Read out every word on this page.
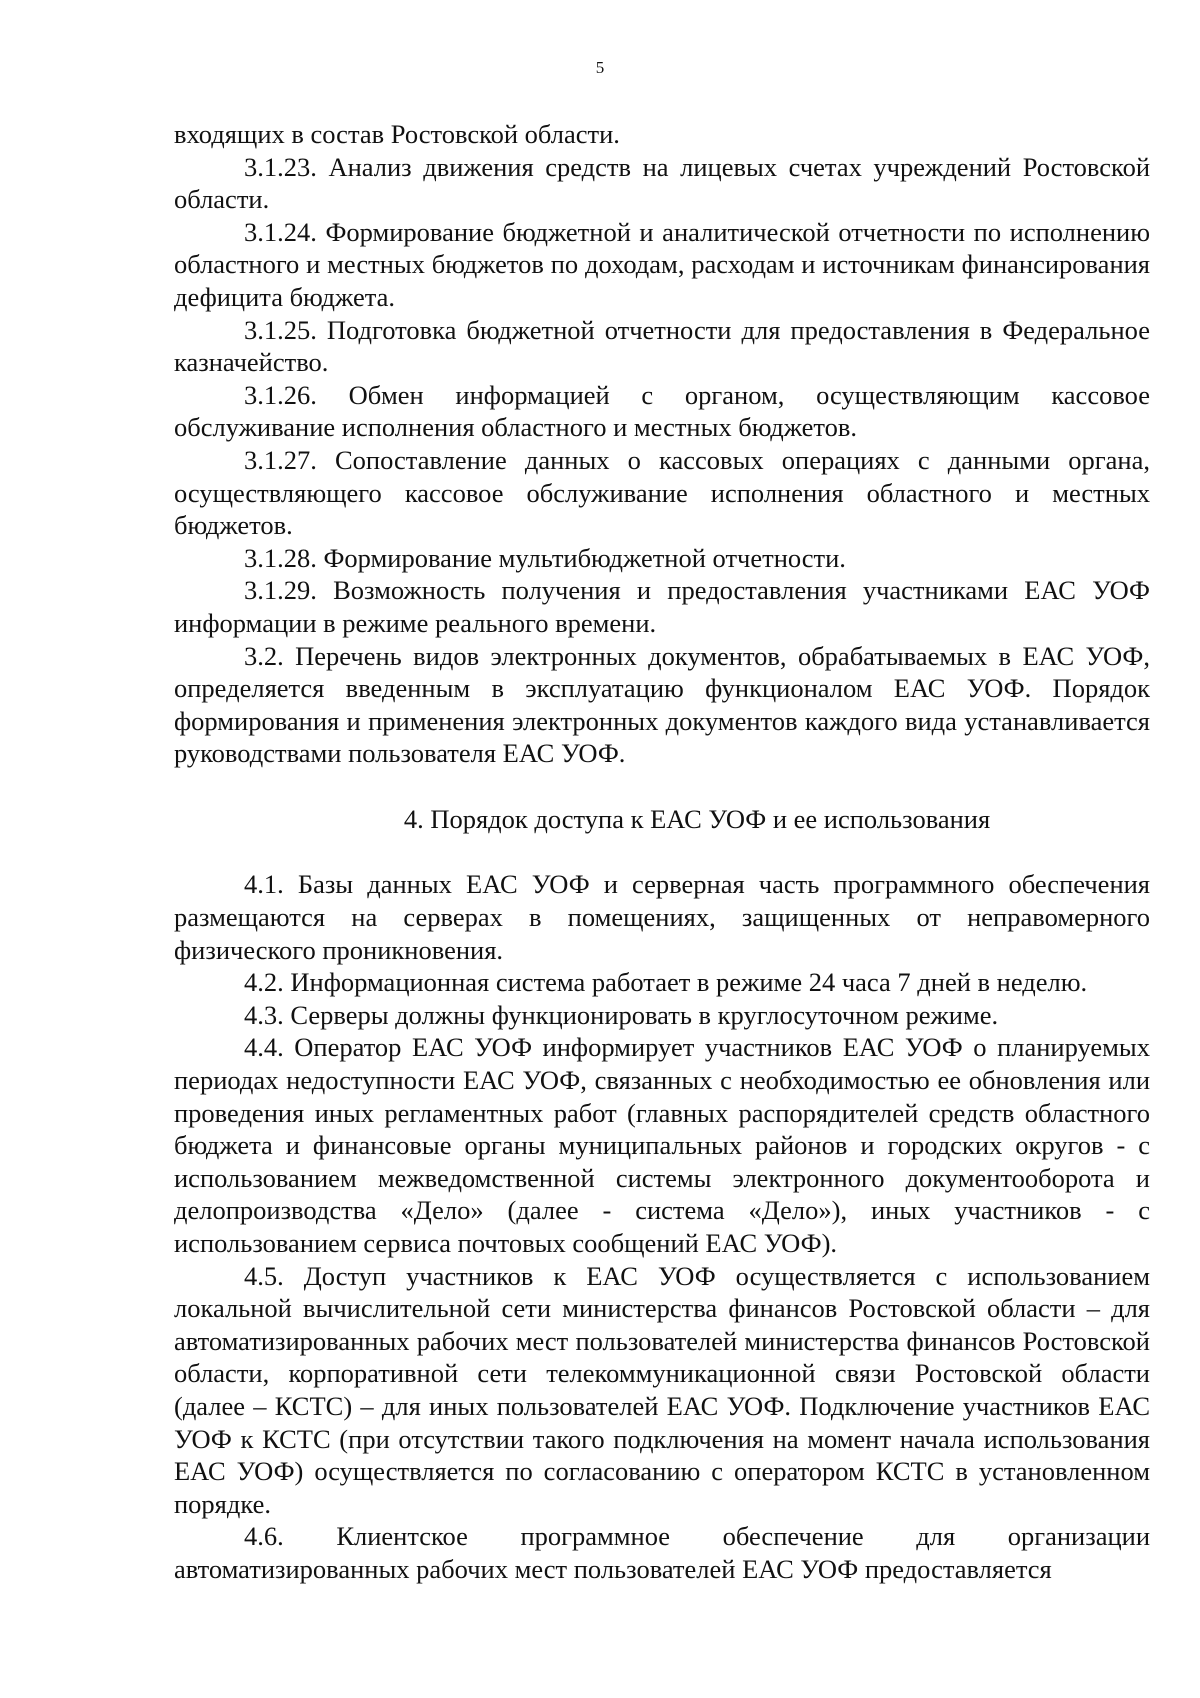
5

входящих в состав Ростовской области.

3.1.23. Анализ движения средств на лицевых счетах учреждений Ростовской области.

3.1.24. Формирование бюджетной и аналитической отчетности по исполнению областного и местных бюджетов по доходам, расходам и источникам финансирования дефицита бюджета.

3.1.25. Подготовка бюджетной отчетности для предоставления в Федеральное казначейство.

3.1.26. Обмен информацией с органом, осуществляющим кассовое обслуживание исполнения областного и местных бюджетов.

3.1.27. Сопоставление данных о кассовых операциях с данными органа, осуществляющего кассовое обслуживание исполнения областного и местных бюджетов.

3.1.28. Формирование мультибюджетной отчетности.

3.1.29. Возможность получения и предоставления участниками ЕАС УОФ информации в режиме реального времени.

3.2. Перечень видов электронных документов, обрабатываемых в ЕАС УОФ, определяется введенным в эксплуатацию функционалом ЕАС УОФ. Порядок формирования и применения электронных документов каждого вида устанавливается руководствами пользователя ЕАС УОФ.

4. Порядок доступа к ЕАС УОФ и ее использования

4.1. Базы данных ЕАС УОФ и серверная часть программного обеспечения размещаются на серверах в помещениях, защищенных от неправомерного физического проникновения.

4.2. Информационная система работает в режиме 24 часа 7 дней в неделю.

4.3. Серверы должны функционировать в круглосуточном режиме.

4.4. Оператор ЕАС УОФ информирует участников ЕАС УОФ о планируемых периодах недоступности ЕАС УОФ, связанных с необходимостью ее обновления или проведения иных регламентных работ (главных распорядителей средств областного бюджета и финансовые органы муниципальных районов и городских округов - с использованием межведомственной системы электронного документооборота и делопроизводства «Дело» (далее - система «Дело»), иных участников - с использованием сервиса почтовых сообщений ЕАС УОФ).

4.5. Доступ участников к ЕАС УОФ осуществляется с использованием локальной вычислительной сети министерства финансов Ростовской области – для автоматизированных рабочих мест пользователей министерства финансов Ростовской области, корпоративной сети телекоммуникационной связи Ростовской области (далее – КСТС) – для иных пользователей ЕАС УОФ. Подключение участников ЕАС УОФ к КСТС (при отсутствии такого подключения на момент начала использования ЕАС УОФ) осуществляется по согласованию с оператором КСТС в установленном порядке.

4.6. Клиентское программное обеспечение для организации автоматизированных рабочих мест пользователей ЕАС УОФ предоставляется
